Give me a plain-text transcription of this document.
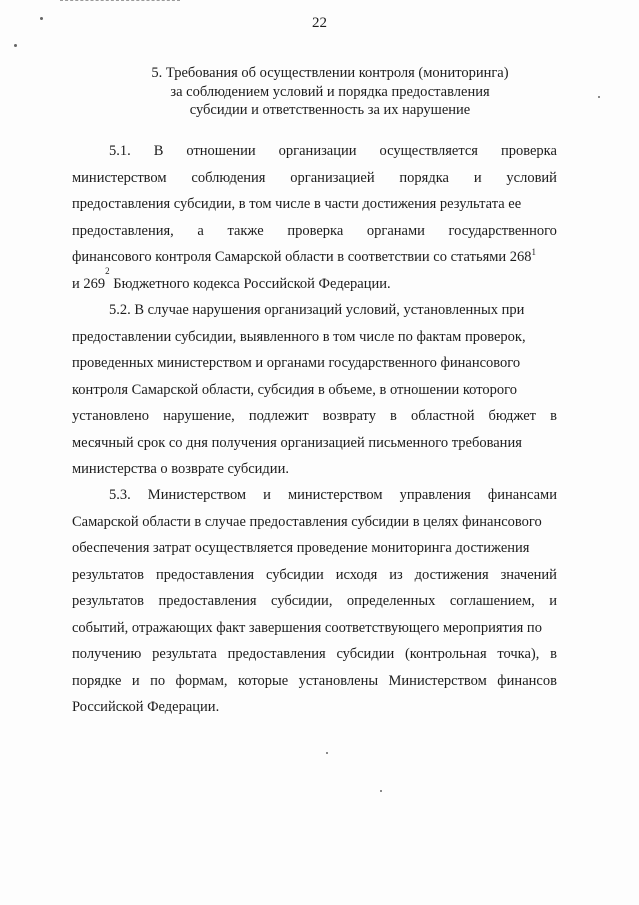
22
5. Требования об осуществлении контроля (мониторинга)
за соблюдением условий и порядка предоставления
субсидии и ответственность за их нарушение
5.1. В отношении организации осуществляется проверка
министерством соблюдения организацией порядка и условий
предоставления субсидии, в том числе в части достижения результата ее
предоставления, а также проверка органами государственного
финансового контроля Самарской области в соответствии со статьями $268^1$
и 269
2
Бюджетного кодекса Российской Федерации.
5.2. В случае нарушения организаций условий, установленных при
предоставлении субсидии, выявленного в том числе по фактам проверок,
проведенных министерством и органами государственного финансового
контроля Самарской области, субсидия в объеме, в отношении которого
установлено нарушение, подлежит возврату в областной бюджет в
месячный срок со дня получения организацией письменного требования
министерства о возврате субсидии.
5.3. Министерством и министерством управления финансами
Самарской области в случае предоставления субсидии в целях финансового
обеспечения затрат осуществляется проведение мониторинга достижения
результатов предоставления субсидии исходя из достижения значений
результатов предоставления субсидии, определенных соглашением, и
событий, отражающих факт завершения соответствующего мероприятия по
получению результата предоставления субсидии (контрольная точка), в
порядке и по формам, которые установлены Министерством финансов
Российской Федерации.
